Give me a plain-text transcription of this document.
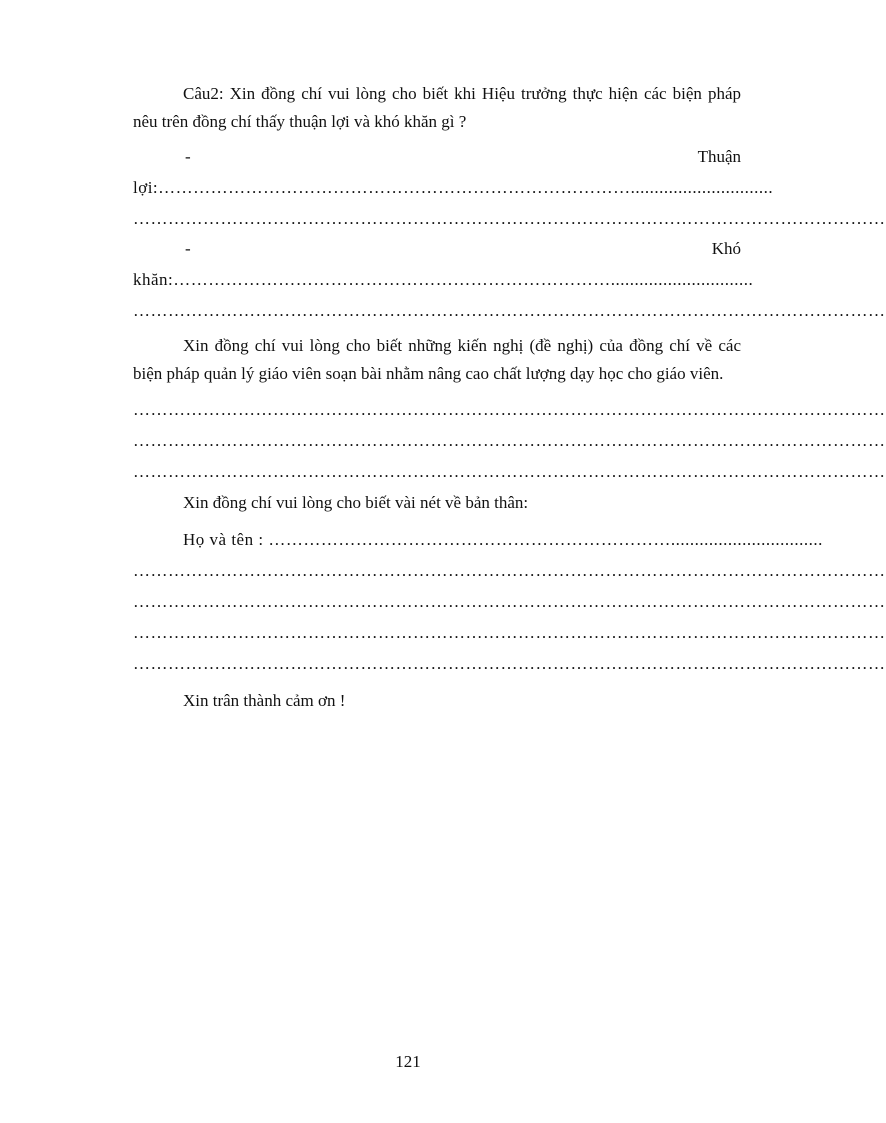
Câu2: Xin đồng chí vui lòng cho biết khi Hiệu trưởng thực hiện các biện pháp nêu trên đồng chí thấy thuận lợi và khó khăn gì ?

-	Thuận
lợi:………………………………………………………………………..............................
…………………………………………………………………………………………………………………
-	Khó
khăn:…………………………………………………………………..............................
…………………………………………………………………………………………………………………

Xin đồng chí vui lòng cho biết những kiến nghị (đề nghị) của đồng chí về các biện pháp quản lý giáo viên soạn bài nhằm nâng cao chất lượng dạy học cho giáo viên.

…………………………………………………………………………………………………………………
…………………………………………………………………………………………………………………
…………………………………………………………………………………………………………………
Xin đồng chí vui lòng cho biết vài nét về bản thân:
Họ và tên : ……………………………………………………………................................
…………………………………………………………………………………………………………………
…………………………………………………………………………………………………………………
…………………………………………………………………………………………………………………
…………………………………………………………………………………………………………………
Xin trân thành cảm ơn !
121
